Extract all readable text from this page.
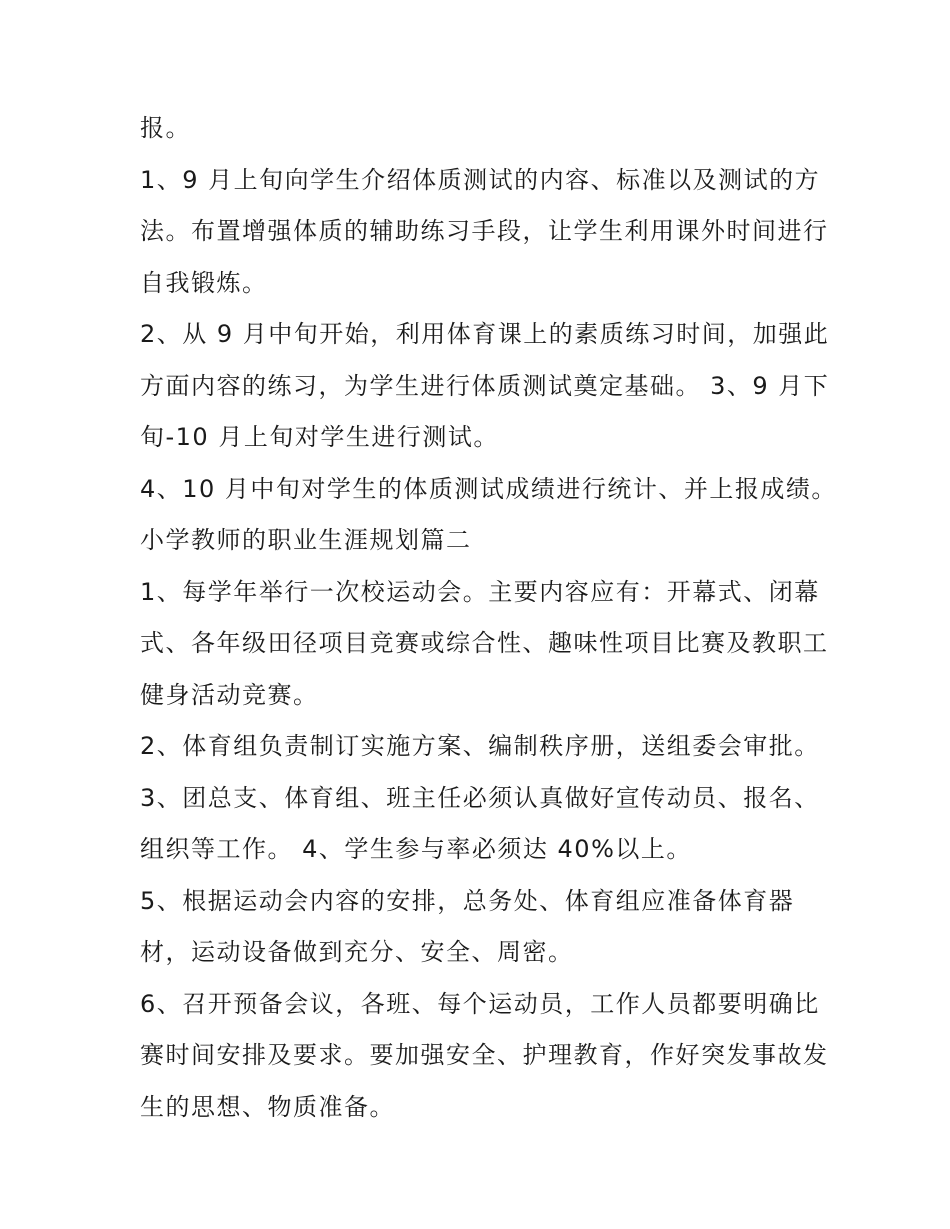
报。
1、9 月上旬向学生介绍体质测试的内容、标准以及测试的方
法。布置增强体质的辅助练习手段，让学生利用课外时间进行
自我锻炼。
2、从 9 月中旬开始，利用体育课上的素质练习时间，加强此
方面内容的练习，为学生进行体质测试奠定基础。 3、9 月下
旬-10 月上旬对学生进行测试。
4、10 月中旬对学生的体质测试成绩进行统计、并上报成绩。
小学教师的职业生涯规划篇二
1、每学年举行一次校运动会。主要内容应有：开幕式、闭幕
式、各年级田径项目竞赛或综合性、趣味性项目比赛及教职工
健身活动竞赛。
2、体育组负责制订实施方案、编制秩序册，送组委会审批。
3、团总支、体育组、班主任必须认真做好宣传动员、报名、
组织等工作。 4、学生参与率必须达 40%以上。
5、根据运动会内容的安排，总务处、体育组应准备体育器
材，运动设备做到充分、安全、周密。
6、召开预备会议，各班、每个运动员，工作人员都要明确比
赛时间安排及要求。要加强安全、护理教育，作好突发事故发
生的思想、物质准备。
